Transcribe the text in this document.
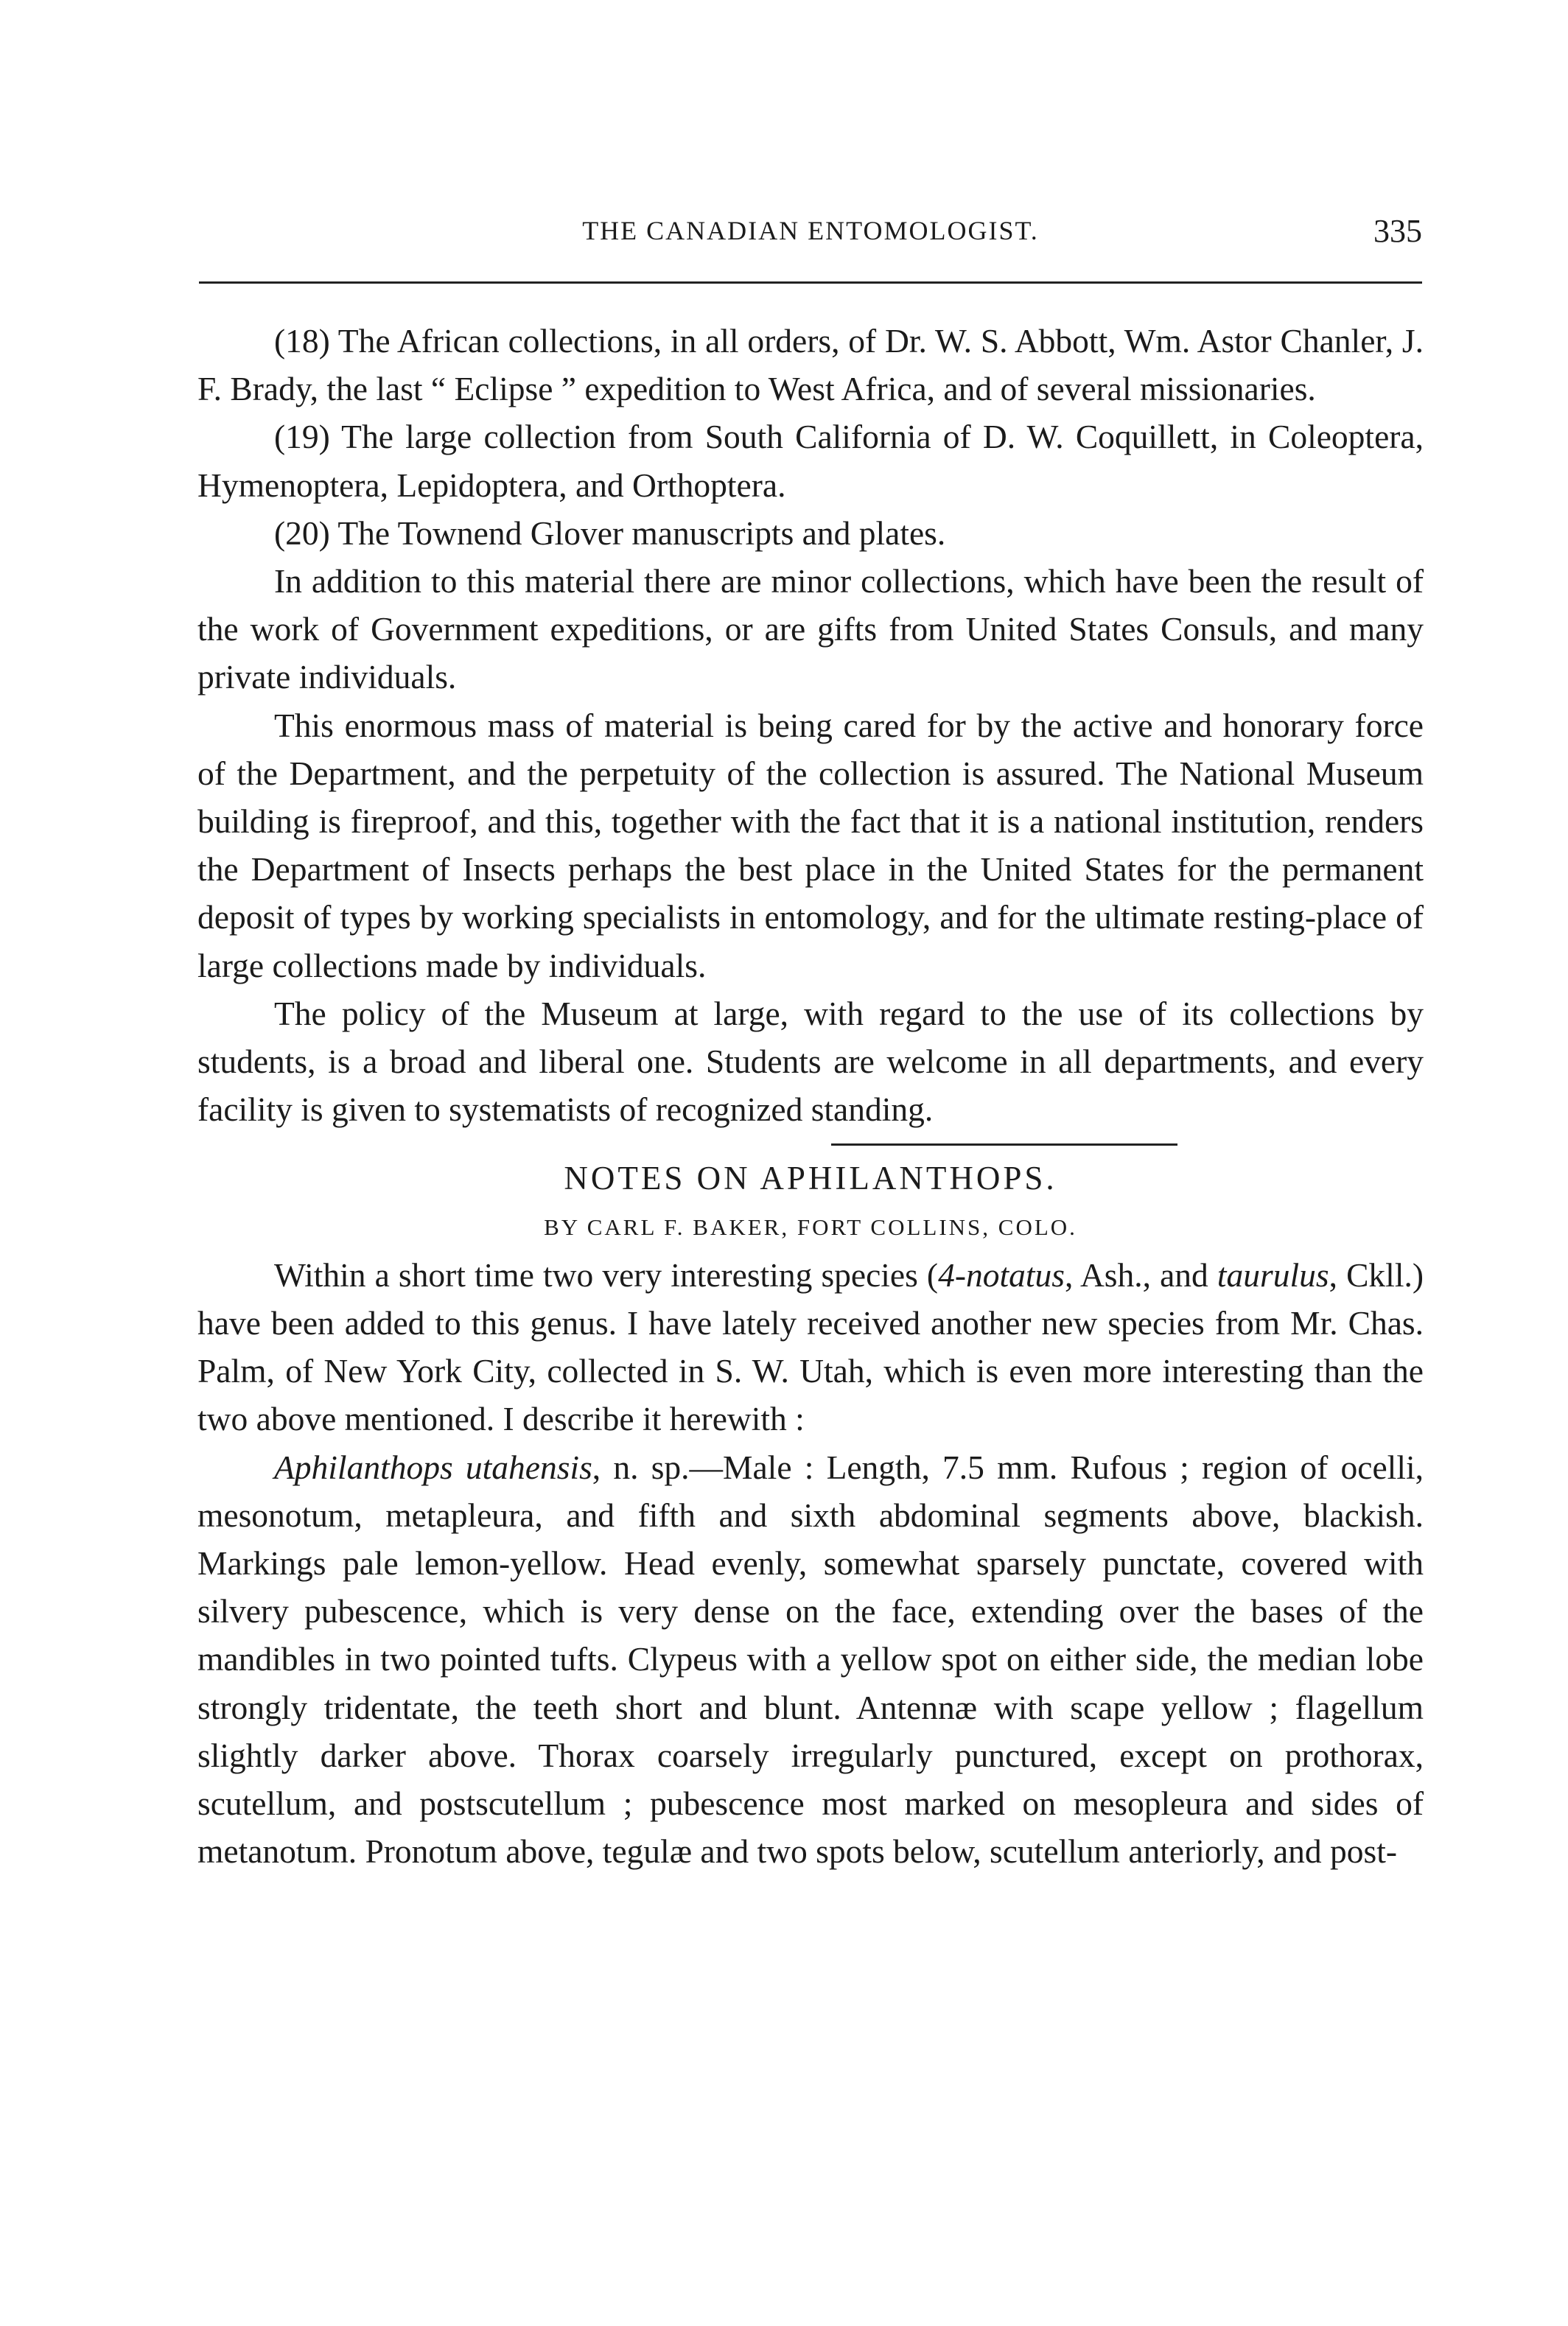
THE CANADIAN ENTOMOLOGIST.	335

(18) The African collections, in all orders, of Dr. W. S. Abbott, Wm. Astor Chanler, J. F. Brady, the last “ Eclipse ” expedition to West Africa, and of several missionaries.

(19) The large collection from South California of D. W. Coquillett, in Coleoptera, Hymenoptera, Lepidoptera, and Orthoptera.

(20) The Townend Glover manuscripts and plates.

In addition to this material there are minor collections, which have been the result of the work of Government expeditions, or are gifts from United States Consuls, and many private individuals.

This enormous mass of material is being cared for by the active and honorary force of the Department, and the perpetuity of the collection is assured. The National Museum building is fireproof, and this, together with the fact that it is a national institution, renders the Department of Insects perhaps the best place in the United States for the permanent deposit of types by working specialists in entomology, and for the ultimate resting-place of large collections made by individuals.

The policy of the Museum at large, with regard to the use of its collections by students, is a broad and liberal one. Students are welcome in all departments, and every facility is given to systematists of recognized standing.

NOTES ON APHILANTHOPS.

BY CARL F. BAKER, FORT COLLINS, COLO.

Within a short time two very interesting species (4-notatus, Ash., and taurulus, Ckll.) have been added to this genus. I have lately received another new species from Mr. Chas. Palm, of New York City, collected in S. W. Utah, which is even more interesting than the two above mentioned. I describe it herewith :

Aphilanthops utahensis, n. sp.—Male : Length, 7.5 mm. Rufous ; region of ocelli, mesonotum, metapleura, and fifth and sixth abdominal segments above, blackish. Markings pale lemon-yellow. Head evenly, somewhat sparsely punctate, covered with silvery pubescence, which is very dense on the face, extending over the bases of the mandibles in two pointed tufts. Clypeus with a yellow spot on either side, the median lobe strongly tridentate, the teeth short and blunt. Antennæ with scape yellow ; flagellum slightly darker above. Thorax coarsely irregularly punctured, except on prothorax, scutellum, and postscutellum ; pubescence most marked on mesopleura and sides of metanotum. Pronotum above, tegulæ and two spots below, scutellum anteriorly, and post-
